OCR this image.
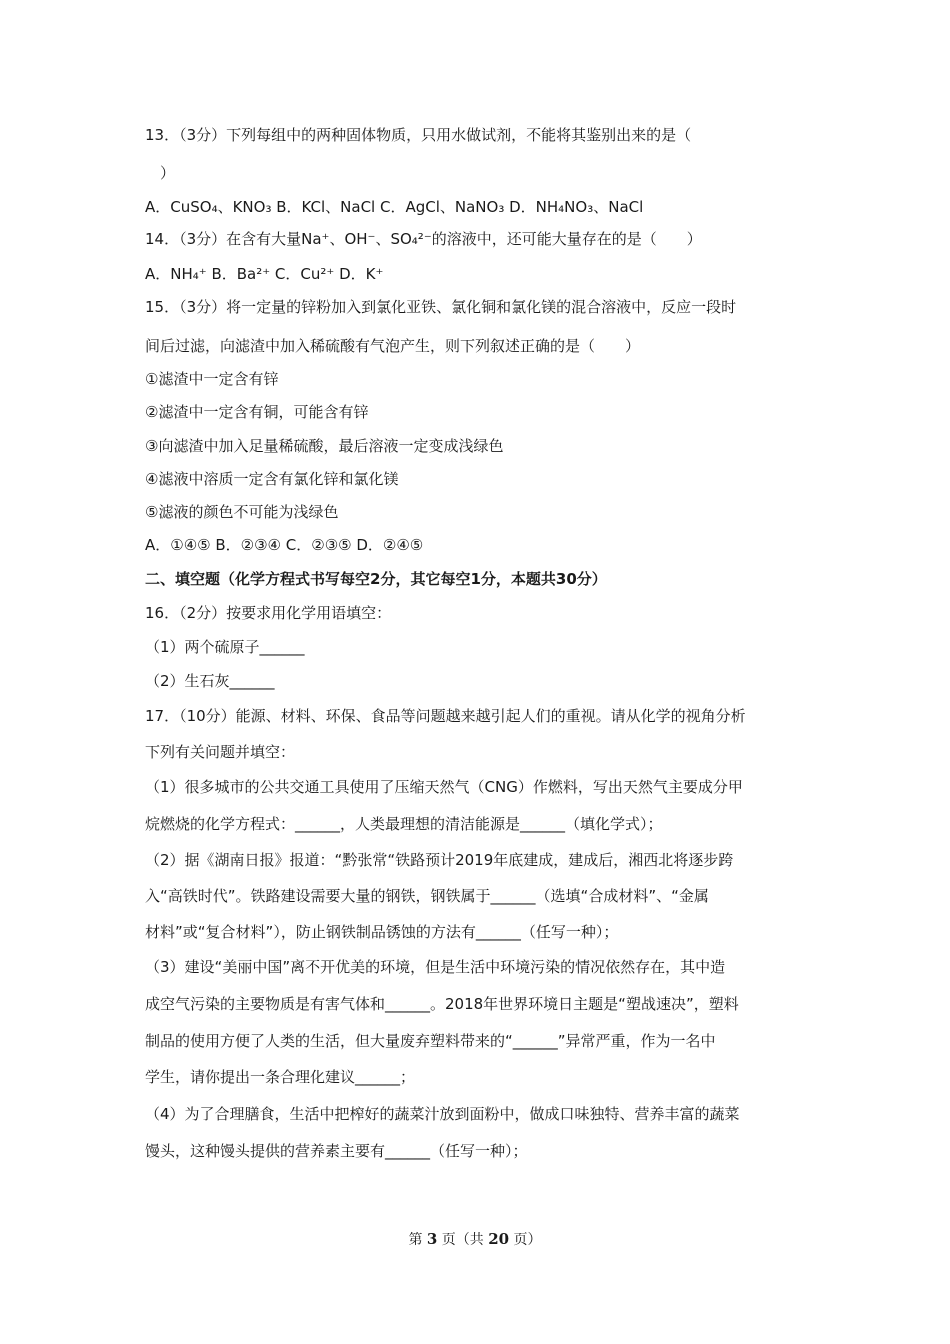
13．（3分）下列每组中的两种固体物质，只用水做试剂，不能将其鉴别出来的是（
）
A．CuSO₄、KNO₃ B．KCl、NaCl C．AgCl、NaNO₃ D．NH₄NO₃、NaCl
14．（3分）在含有大量Na⁺、OH⁻、SO₄²⁻的溶液中，还可能大量存在的是（　　）
A．NH₄⁺ B．Ba²⁺ C．Cu²⁺ D．K⁺
15．（3分）将一定量的锌粉加入到氯化亚铁、氯化铜和氯化镁的混合溶液中，反应一段时
间后过滤，向滤渣中加入稀硫酸有气泡产生，则下列叙述正确的是（　　）
①滤渣中一定含有锌
②滤渣中一定含有铜，可能含有锌
③向滤渣中加入足量稀硫酸，最后溶液一定变成浅绿色
④滤液中溶质一定含有氯化锌和氯化镁
⑤滤液的颜色不可能为浅绿色
A．①④⑤ B．②③④ C．②③⑤ D．②④⑤
二、填空题（化学方程式书写每空2分，其它每空1分，本题共30分）
16．（2分）按要求用化学用语填空：
（1）两个硫原子______
（2）生石灰______
17．（10分）能源、材料、环保、食品等问题越来越引起人们的重视。请从化学的视角分析
下列有关问题并填空：
（1）很多城市的公共交通工具使用了压缩天然气（CNG）作燃料，写出天然气主要成分甲
烷燃烧的化学方程式：______，人类最理想的清洁能源是______（填化学式）；
（2）据《湖南日报》报道：“黔张常“铁路预计2019年底建成，建成后，湘西北将逐步跨
入“高铁时代”。铁路建设需要大量的钢铁，钢铁属于______（选填“合成材料”、“金属
材料”或“复合材料”），防止钢铁制品锈蚀的方法有______（任写一种）；
（3）建设“美丽中国”离不开优美的环境，但是生活中环境污染的情况依然存在，其中造
成空气污染的主要物质是有害气体和______。2018年世界环境日主题是“塑战速决”，塑料
制品的使用方便了人类的生活，但大量废弃塑料带来的“______”异常严重，作为一名中
学生，请你提出一条合理化建议______；
（4）为了合理膳食，生活中把榨好的蔬菜汁放到面粉中，做成口味独特、营养丰富的蔬菜
馒头，这种馒头提供的营养素主要有______（任写一种）；
第 3 页（共 20 页）
